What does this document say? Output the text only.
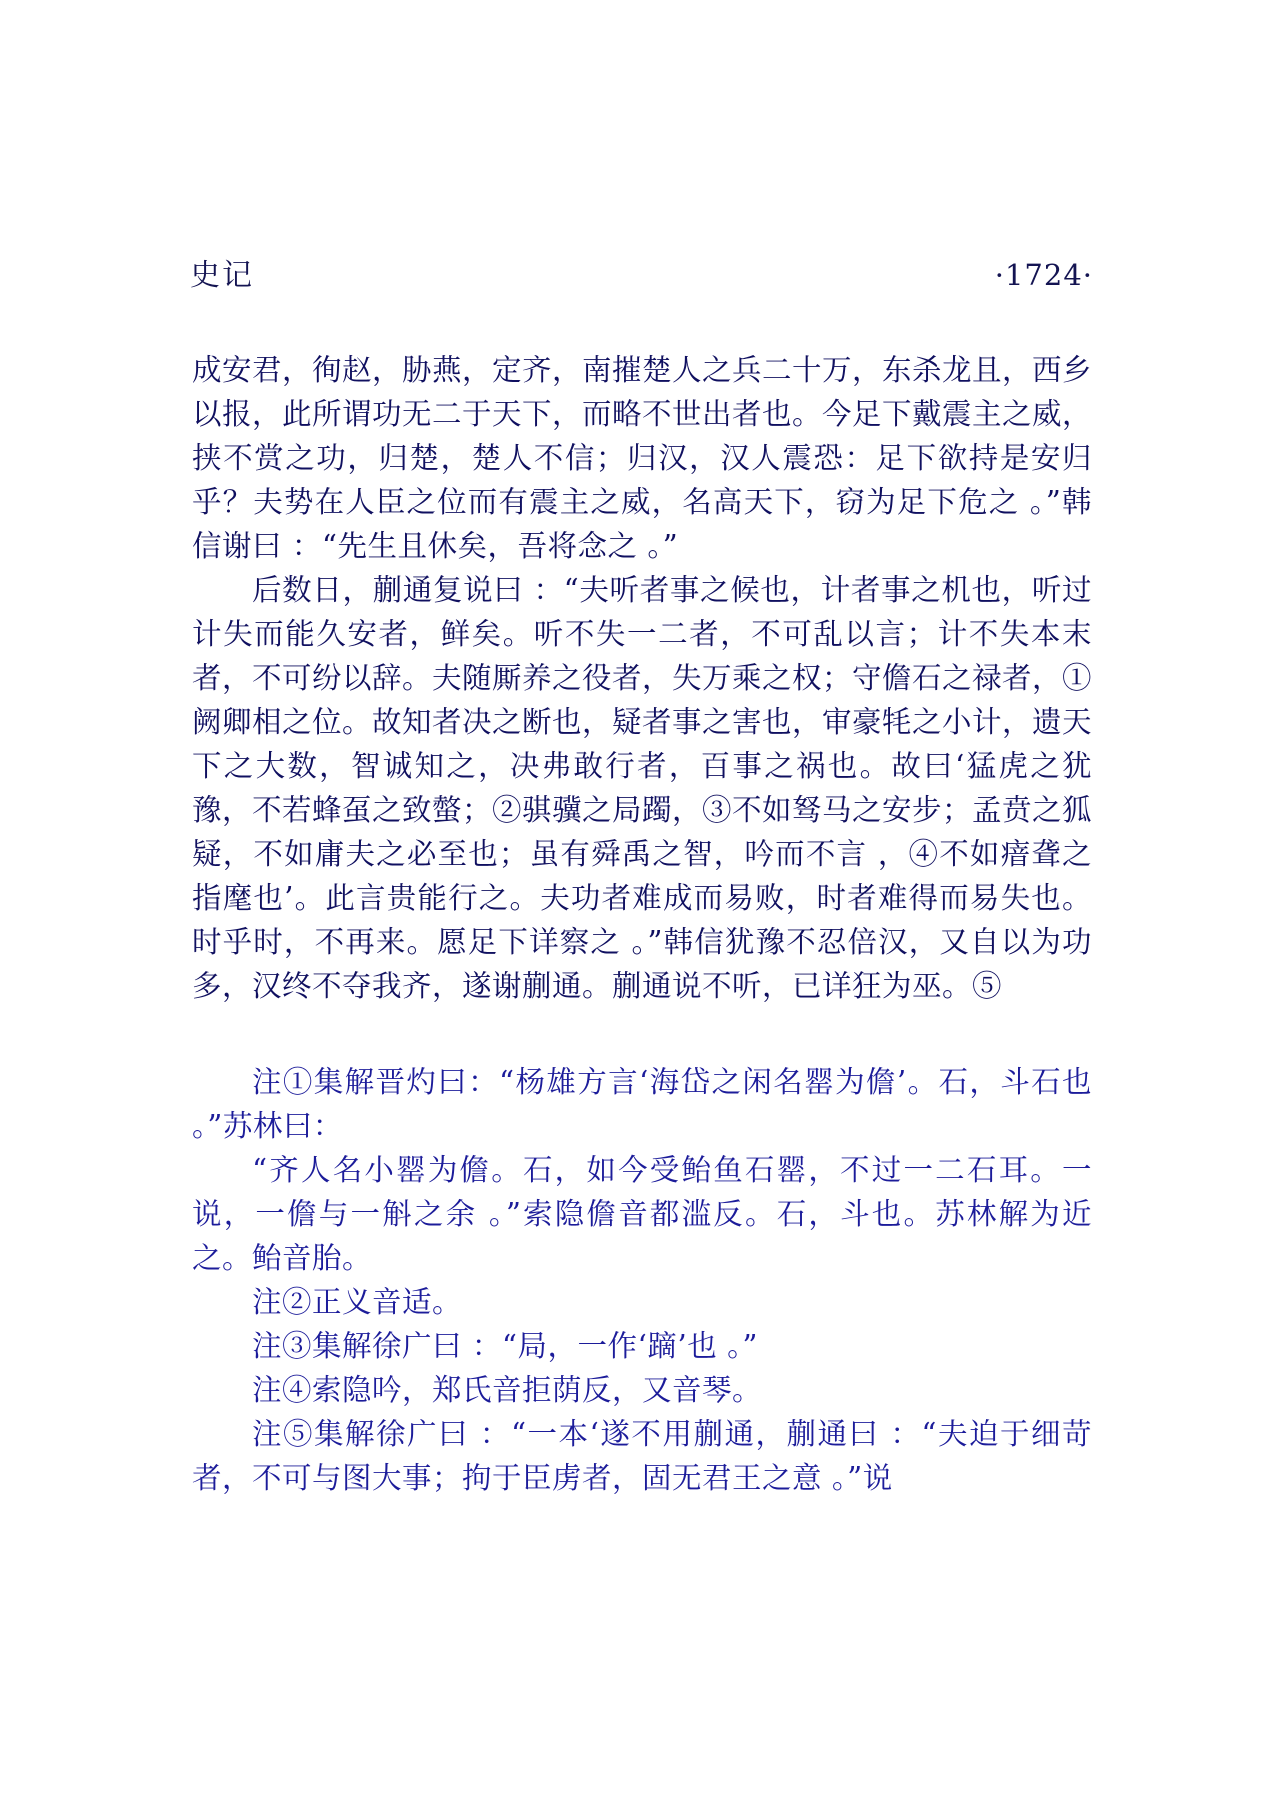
史记	·1724·

成安君，徇赵，胁燕，定齐，南摧楚人之兵二十万，东杀龙且，西乡以报，此所谓功无二于天下，而略不世出者也。今足下戴震主之威，挟不赏之功，归楚，楚人不信；归汉，汉人震恐：足下欲持是安归乎？夫势在人臣之位而有震主之威，名高天下，窃为足下危之 。”韩信谢曰 ：“先生且休矣，吾将念之 。”

后数日，蒯通复说曰 ：“夫听者事之候也，计者事之机也，听过计失而能久安者，鲜矣。听不失一二者，不可乱以言；计不失本末者，不可纷以辞。夫随厮养之役者，失万乘之权；守儋石之禄者，①阙卿相之位。故知者决之断也，疑者事之害也，审豪牦之小计，遗天下之大数，智诚知之，决弗敢行者，百事之祸也。故曰‘猛虎之犹豫，不若蜂虿之致螫；②骐骥之局躅，③不如驽马之安步；孟贲之狐疑，不如庸夫之必至也；虽有舜禹之智，吟而不言 ，④不如瘖聋之指麾也’。此言贵能行之。夫功者难成而易败，时者难得而易失也。时乎时，不再来。愿足下详察之 。”韩信犹豫不忍倍汉，又自以为功多，汉终不夺我齐，遂谢蒯通。蒯通说不听，已详狂为巫。⑤

注①集解晋灼曰：“杨雄方言‘海岱之闲名罂为儋’。石，斗石也 。”苏林曰：
“齐人名小罂为儋。石，如今受鲐鱼石罂，不过一二石耳。一说，一儋与一斛之余 。”索隐儋音都滥反。石，斗也。苏林解为近之。鲐音胎。
注②正义音适。
注③集解徐广曰 ：“局，一作‘蹢’也 。”
注④索隐吟，郑氏音拒荫反，又音琴。
注⑤集解徐广曰 ：“一本‘遂不用蒯通，蒯通曰 ：“夫迫于细苛者，不可与图大事；拘于臣虏者，固无君王之意 。”说
